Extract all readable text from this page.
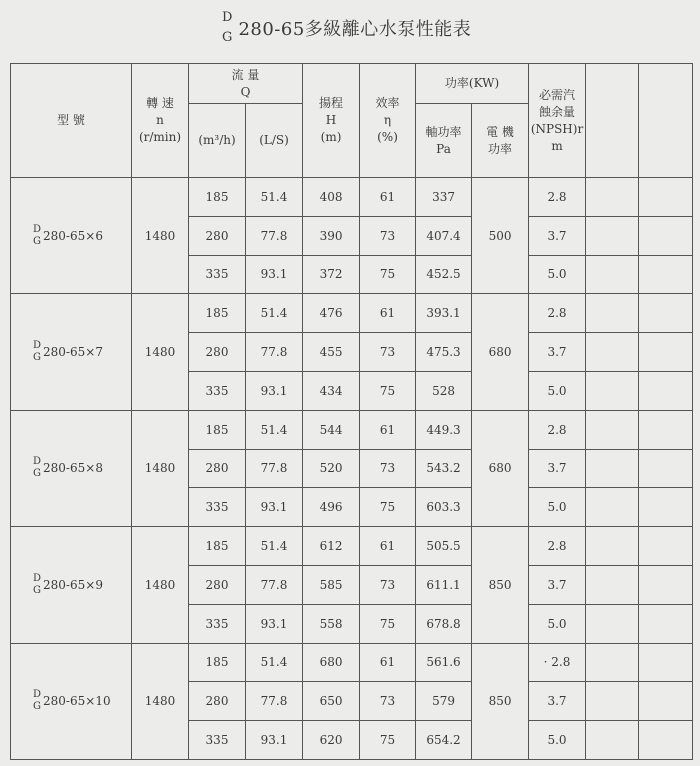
D
G 280-65多級離心水泵性能表
型 號	轉 速
n
(r/min)	流 量
Q		揚程
H
(m)	效率
η
(%)	功率(KW)		必需汽
蝕余量
(NPSH)r
m		

		(m³/h)	(L/S)			軸功率
Pa	電 機
功率			

D
G 280-65×6	1480	185	51.4	408	61	337	500	2.8		
		280	77.8	390	73	407.4		3.7		
		335	93.1	372	75	452.5		5.0		

D
G 280-65×7	1480	185	51.4	476	61	393.1	680	2.8		
		280	77.8	455	73	475.3		3.7		
		335	93.1	434	75	528		5.0		

D
G 280-65×8	1480	185	51.4	544	61	449.3	680	2.8		
		280	77.8	520	73	543.2		3.7		
		335	93.1	496	75	603.3		5.0		

D
G 280-65×9	1480	185	51.4	612	61	505.5	850	2.8		
		280	77.8	585	73	611.1		3.7		
		335	93.1	558	75	678.8		5.0		

D
G 280-65×10	1480	185	51.4	680	61	561.6	850	· 2.8		
		280	77.8	650	73	579		3.7		
		335	93.1	620	75	654.2		5.0		
